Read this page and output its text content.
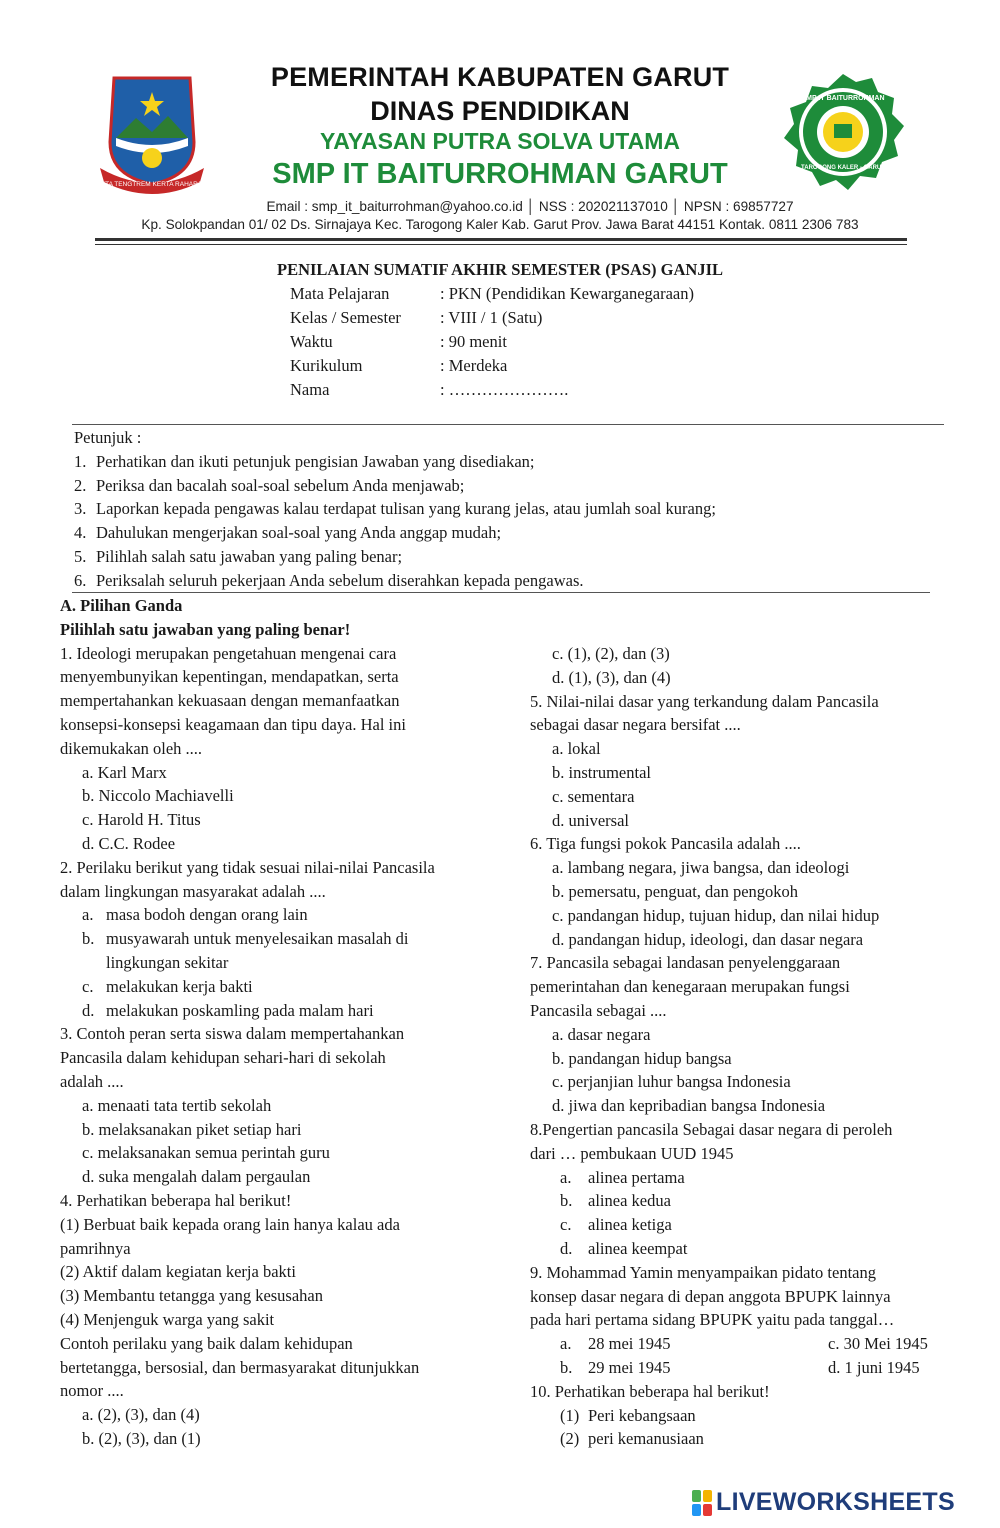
INTA TENGTREM KERTA RAHARJA
SMP IT BAITURROHMAN
TAROGONG KALER - GARUT
PEMERINTAH KABUPATEN GARUT
DINAS PENDIDIKAN
YAYASAN PUTRA SOLVA UTAMA
SMP IT BAITURROHMAN GARUT
Email : smp_it_baiturrohman@yahoo.co.id │ NSS : 202021137010 │ NPSN : 69857727
Kp. Solokpandan 01/ 02 Ds. Sirnajaya Kec. Tarogong Kaler Kab. Garut Prov. Jawa Barat 44151 Kontak. 0811 2306 783
PENILAIAN SUMATIF AKHIR SEMESTER (PSAS) GANJIL
Mata Pelajaran	: PKN (Pendidikan Kewarganegaraan)
Kelas / Semester	: VIII / 1 (Satu)
Waktu	: 90 menit
Kurikulum	: Merdeka
Nama	: ………………….
Petunjuk :
1. Perhatikan dan ikuti petunjuk pengisian Jawaban yang disediakan;
2. Periksa dan bacalah soal-soal sebelum Anda menjawab;
3. Laporkan kepada pengawas kalau terdapat tulisan yang kurang jelas, atau jumlah soal kurang;
4. Dahulukan mengerjakan soal-soal yang Anda anggap mudah;
5. Pilihlah salah satu jawaban yang paling benar;
6. Periksalah seluruh pekerjaan Anda sebelum diserahkan kepada pengawas.
A. Pilihan Ganda
Pilihlah satu jawaban yang paling benar!
1. Ideologi merupakan pengetahuan mengenai cara
menyembunyikan kepentingan, mendapatkan, serta
mempertahankan kekuasaan dengan memanfaatkan
konsepsi-konsepsi keagamaan dan tipu daya. Hal ini
dikemukakan oleh ....
a. Karl Marx
b. Niccolo Machiavelli
c. Harold H. Titus
d. C.C. Rodee
2. Perilaku berikut yang tidak sesuai nilai-nilai Pancasila
dalam lingkungan masyarakat adalah ....
a. masa bodoh dengan orang lain
b. musyawarah untuk menyelesaikan masalah di
lingkungan sekitar
c. melakukan kerja bakti
d. melakukan poskamling pada malam hari
3. Contoh peran serta siswa dalam mempertahankan
Pancasila dalam kehidupan sehari-hari di sekolah
adalah ....
a. menaati tata tertib sekolah
b. melaksanakan piket setiap hari
c. melaksanakan semua perintah guru
d. suka mengalah dalam pergaulan
4. Perhatikan beberapa hal berikut!
(1) Berbuat baik kepada orang lain hanya kalau ada
pamrihnya
(2) Aktif dalam kegiatan kerja bakti
(3) Membantu tetangga yang kesusahan
(4) Menjenguk warga yang sakit
Contoh perilaku yang baik dalam kehidupan
bertetangga, bersosial, dan bermasyarakat ditunjukkan
nomor ....
a. (2), (3), dan (4)
b. (2), (3), dan (1)
c. (1), (2), dan (3)
d. (1), (3), dan (4)
5. Nilai-nilai dasar yang terkandung dalam Pancasila
sebagai dasar negara bersifat ....
a. lokal
b. instrumental
c. sementara
d. universal
6. Tiga fungsi pokok Pancasila adalah ....
a. lambang negara, jiwa bangsa, dan ideologi
b. pemersatu, penguat, dan pengokoh
c. pandangan hidup, tujuan hidup, dan nilai hidup
d. pandangan hidup, ideologi, dan dasar negara
7. Pancasila sebagai landasan penyelenggaraan
pemerintahan dan kenegaraan merupakan fungsi
Pancasila sebagai ....
a. dasar negara
b. pandangan hidup bangsa
c. perjanjian luhur bangsa Indonesia
d. jiwa dan kepribadian bangsa Indonesia
8.Pengertian pancasila Sebagai dasar negara di peroleh
dari … pembukaan UUD 1945
a.	alinea pertama
b. alinea kedua
c.	alinea ketiga
d. alinea keempat
9. Mohammad Yamin menyampaikan pidato tentang
konsep dasar negara di depan anggota BPUPK lainnya
pada hari pertama sidang BPUPK yaitu pada tanggal…
a.	28 mei 1945	c. 30 Mei 1945
b. 29 mei 1945	d. 1 juni 1945
10. Perhatikan beberapa hal berikut!
(1) Peri kebangsaan
(2) peri kemanusiaan
LIVEWORKSHEETS
